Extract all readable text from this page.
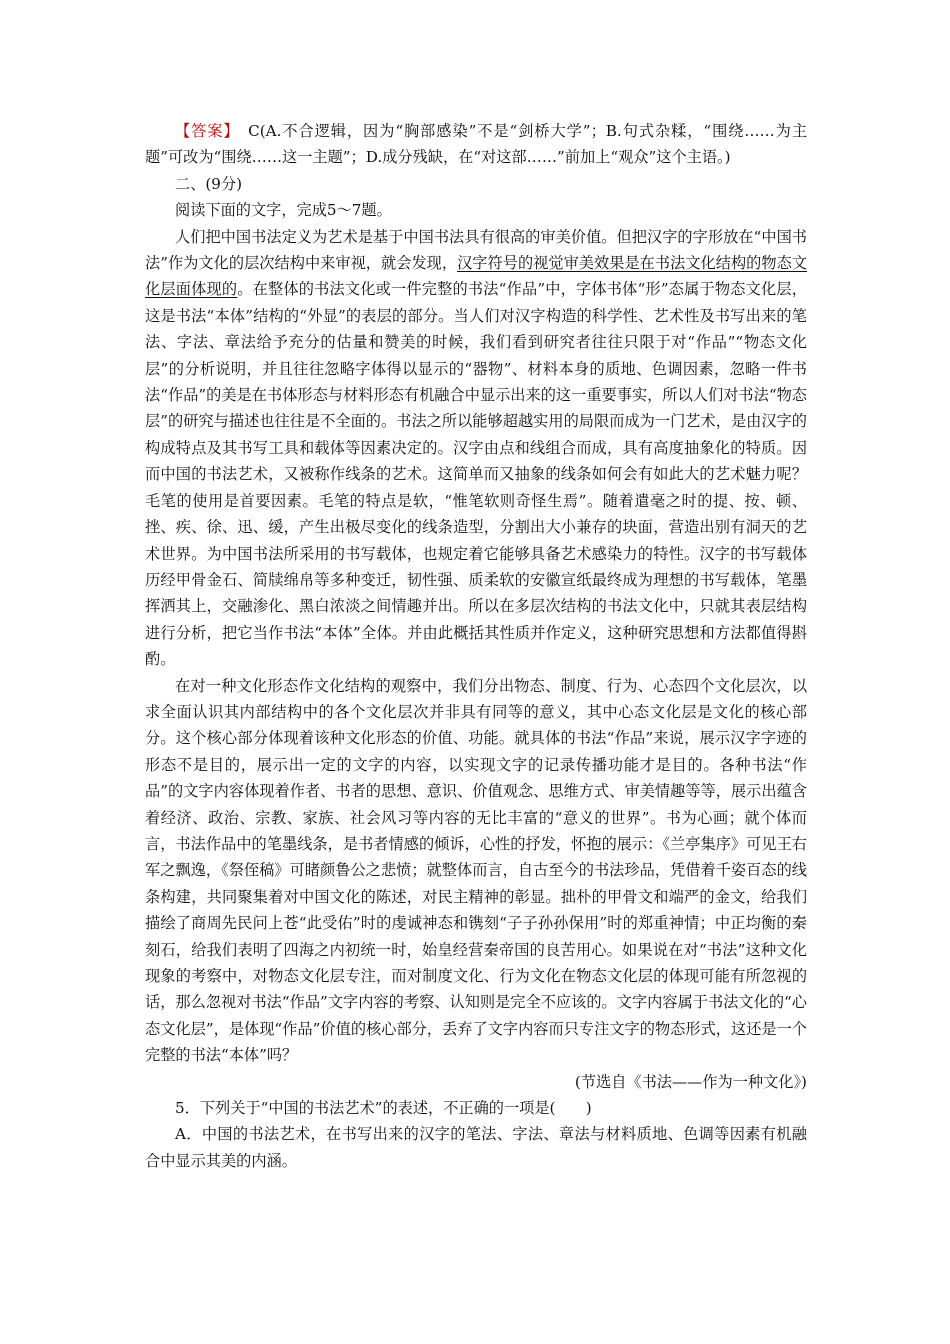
【答案】　C(A.不合逻辑，因为“胸部感染”不是“剑桥大学”；B.句式杂糅，“围绕……为主题”可改为“围绕……这一主题”；D.成分残缺，在“对这部……”前加上“观众”这个主语。)

二、(9分)

阅读下面的文字，完成5～7题。

人们把中国书法定义为艺术是基于中国书法具有很高的审美价值。但把汉字的字形放在“中国书法”作为文化的层次结构中来审视，就会发现，汉字符号的视觉审美效果是在书法文化结构的物态文化层面体现的。在整体的书法文化或一件完整的书法“作品”中，字体书体“形”态属于物态文化层，这是书法“本体”结构的“外显”的表层的部分。当人们对汉字构造的科学性、艺术性及书写出来的笔法、字法、章法给予充分的估量和赞美的时候，我们看到研究者往往只限于对“作品”“物态文化层”的分析说明，并且往往忽略字体得以显示的“器物”、材料本身的质地、色调因素，忽略一件书法“作品”的美是在书体形态与材料形态有机融合中显示出来的这一重要事实，所以人们对书法“物态层”的研究与描述也往往是不全面的。书法之所以能够超越实用的局限而成为一门艺术，是由汉字的构成特点及其书写工具和载体等因素决定的。汉字由点和线组合而成，具有高度抽象化的特质。因而中国的书法艺术，又被称作线条的艺术。这简单而又抽象的线条如何会有如此大的艺术魅力呢？毛笔的使用是首要因素。毛笔的特点是软，“惟笔软则奇怪生焉”。随着遣毫之时的提、按、顿、挫、疾、徐、迅、缓，产生出极尽变化的线条造型，分割出大小兼存的块面，营造出别有洞天的艺术世界。为中国书法所采用的书写载体，也规定着它能够具备艺术感染力的特性。汉字的书写载体历经甲骨金石、简牍绵帛等多种变迁，韧性强、质柔软的安徽宣纸最终成为理想的书写载体，笔墨挥洒其上，交融渗化、黑白浓淡之间情趣并出。所以在多层次结构的书法文化中，只就其表层结构进行分析，把它当作书法“本体”全体。并由此概括其性质并作定义，这种研究思想和方法都值得斟酌。

在对一种文化形态作文化结构的观察中，我们分出物态、制度、行为、心态四个文化层次，以求全面认识其内部结构中的各个文化层次并非具有同等的意义，其中心态文化层是文化的核心部分。这个核心部分体现着该种文化形态的价值、功能。就具体的书法“作品”来说，展示汉字字迹的形态不是目的，展示出一定的文字的内容，以实现文字的记录传播功能才是目的。各种书法“作品”的文字内容体现着作者、书者的思想、意识、价值观念、思维方式、审美情趣等等，展示出蕴含着经济、政治、宗教、家族、社会风习等内容的无比丰富的“意义的世界”。书为心画；就个体而言，书法作品中的笔墨线条，是书者情感的倾诉，心性的抒发，怀抱的展示：《兰亭集序》可见王右军之飘逸，《祭侄稿》可睹颜鲁公之悲愤；就整体而言，自古至今的书法珍品，凭借着千姿百态的线条构建，共同聚集着对中国文化的陈述，对民主精神的彰显。拙朴的甲骨文和端严的金文，给我们描绘了商周先民问上苍“此受佑”时的虔诚神态和镌刻“子子孙孙保用”时的郑重神情；中正均衡的秦刻石，给我们表明了四海之内初统一时，始皇经营秦帝国的良苦用心。如果说在对“书法”这种文化现象的考察中，对物态文化层专注，而对制度文化、行为文化在物态文化层的体现可能有所忽视的话，那么忽视对书法“作品”文字内容的考察、认知则是完全不应该的。文字内容属于书法文化的“心态文化层”，是体现“作品”价值的核心部分，丢弃了文字内容而只专注文字的物态形式，这还是一个完整的书法“本体”吗？

(节选自《书法——作为一种文化》)

5．下列关于“中国的书法艺术”的表述，不正确的一项是(　　)

A．中国的书法艺术，在书写出来的汉字的笔法、字法、章法与材料质地、色调等因素有机融合中显示其美的内涵。
